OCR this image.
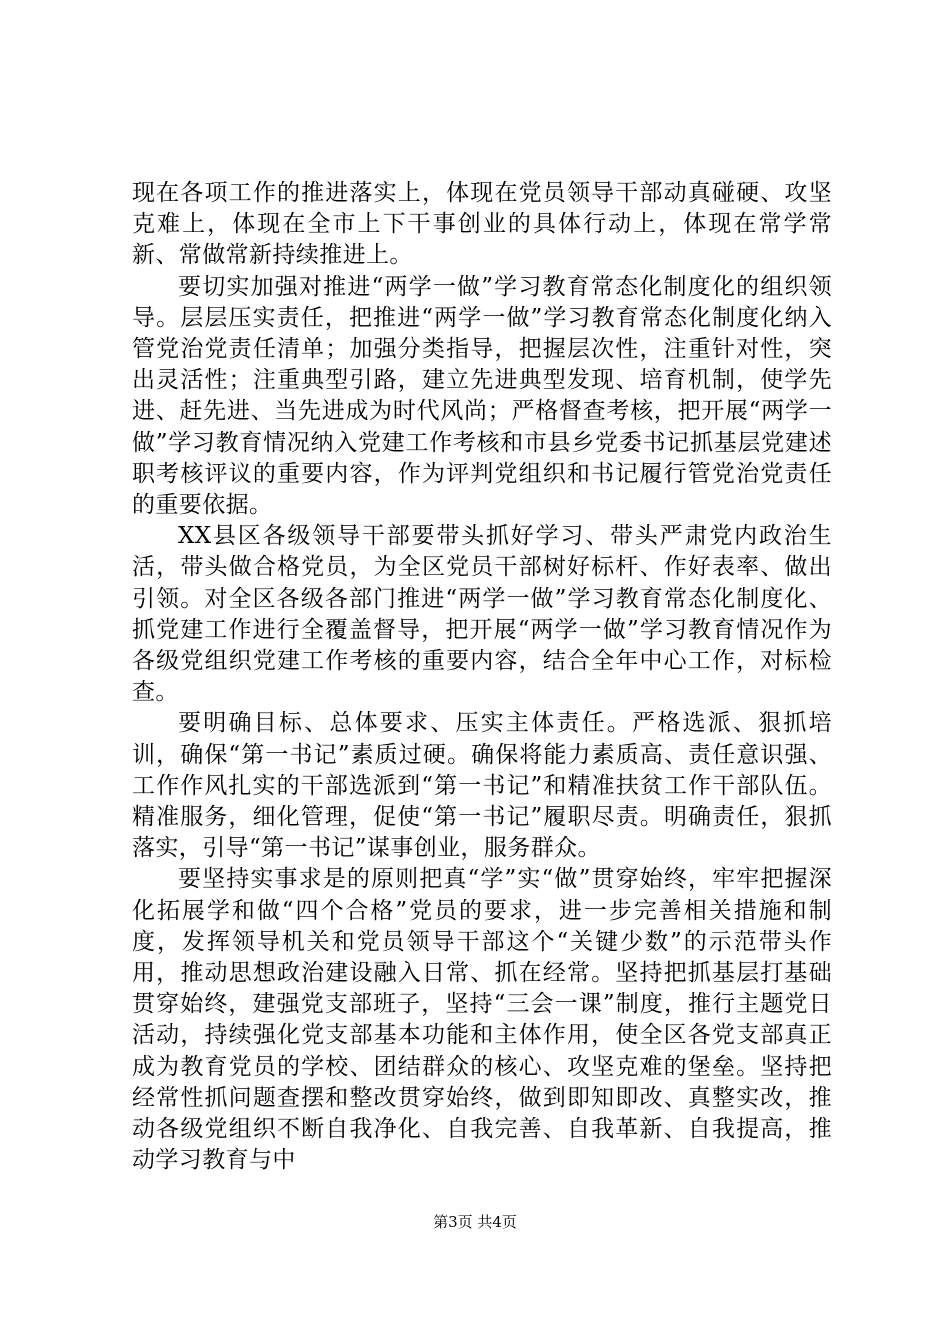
现在各项工作的推进落实上，体现在党员领导干部动真碰硬、攻坚克难上，体现在全市上下干事创业的具体行动上，体现在常学常新、常做常新持续推进上。

要切实加强对推进“两学一做”学习教育常态化制度化的组织领导。层层压实责任，把推进“两学一做”学习教育常态化制度化纳入管党治党责任清单；加强分类指导，把握层次性，注重针对性，突出灵活性；注重典型引路，建立先进典型发现、培育机制，使学先进、赶先进、当先进成为时代风尚；严格督查考核，把开展“两学一做”学习教育情况纳入党建工作考核和市县乡党委书记抓基层党建述职考核评议的重要内容，作为评判党组织和书记履行管党治党责任的重要依据。

XX县区各级领导干部要带头抓好学习、带头严肃党内政治生活，带头做合格党员，为全区党员干部树好标杆、作好表率、做出引领。对全区各级各部门推进“两学一做”学习教育常态化制度化、抓党建工作进行全覆盖督导，把开展“两学一做”学习教育情况作为各级党组织党建工作考核的重要内容，结合全年中心工作，对标检查。

要明确目标、总体要求、压实主体责任。严格选派、狠抓培训，确保“第一书记”素质过硬。确保将能力素质高、责任意识强、工作作风扎实的干部选派到“第一书记”和精准扶贫工作干部队伍。精准服务，细化管理，促使“第一书记”履职尽责。明确责任，狠抓落实，引导“第一书记”谋事创业，服务群众。

要坚持实事求是的原则把真“学”实“做”贯穿始终，牢牢把握深化拓展学和做“四个合格”党员的要求，进一步完善相关措施和制度，发挥领导机关和党员领导干部这个“关键少数”的示范带头作用，推动思想政治建设融入日常、抓在经常。坚持把抓基层打基础贯穿始终，建强党支部班子，坚持“三会一课”制度，推行主题党日活动，持续强化党支部基本功能和主体作用，使全区各党支部真正成为教育党员的学校、团结群众的核心、攻坚克难的堡垒。坚持把经常性抓问题查摆和整改贯穿始终，做到即知即改、真整实改，推动各级党组织不断自我净化、自我完善、自我革新、自我提高，推动学习教育与中

第3页 共4页
